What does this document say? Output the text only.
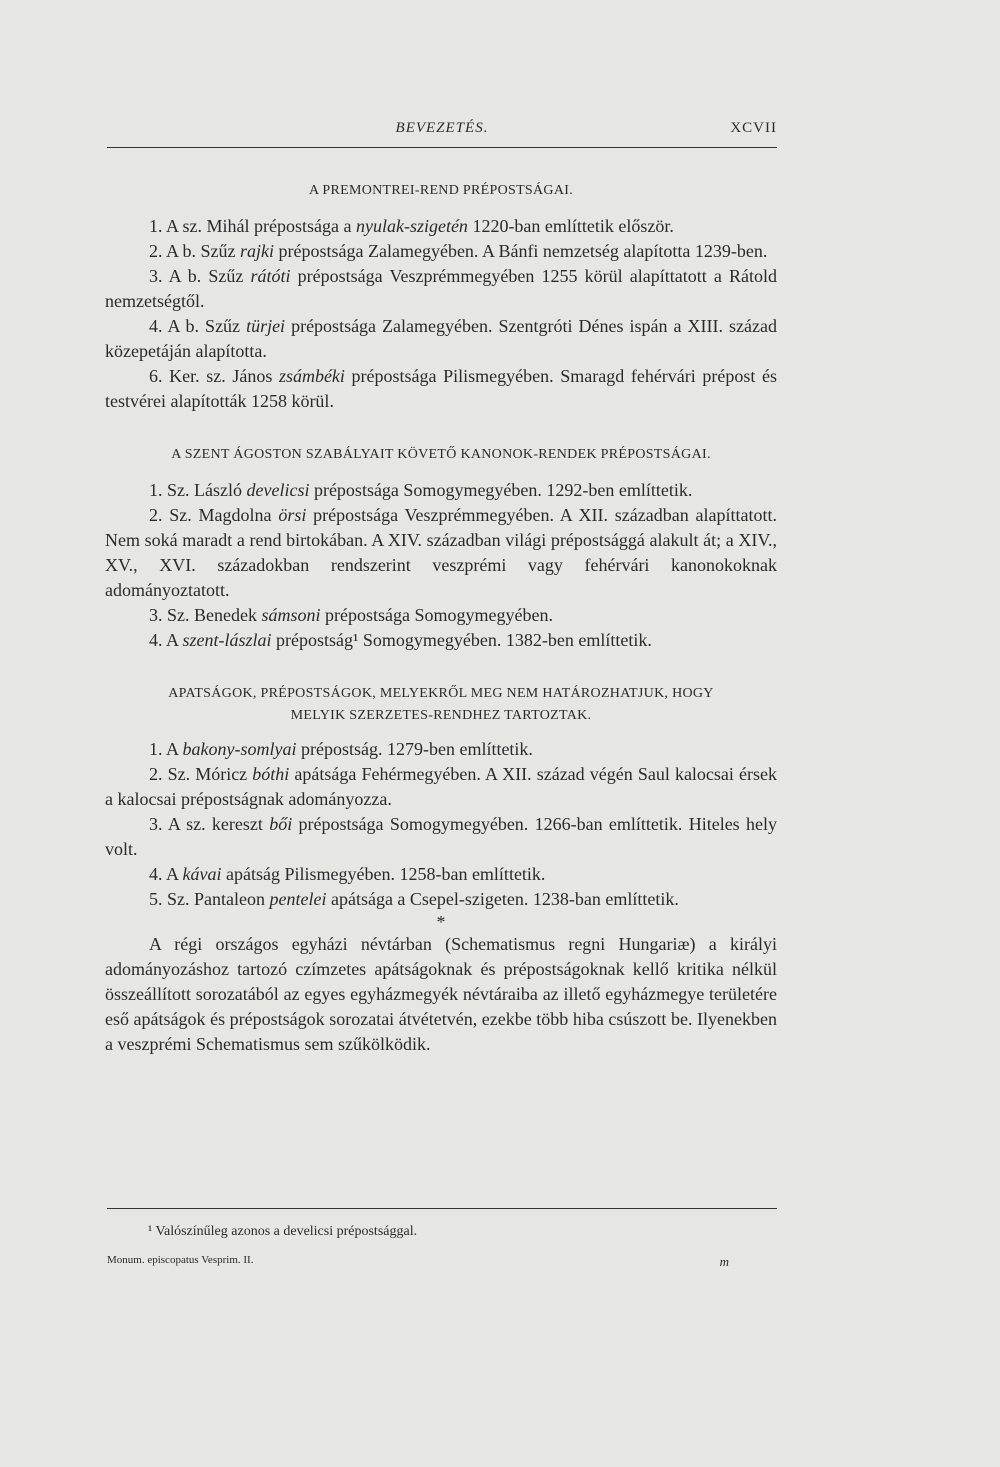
BEVEZETÉS.	XCVII

A PREMONTREI-REND PRÉPOSTSÁGAI.

1. A sz. Mihál prépostsága a nyulak-szigetén 1220-ban említtetik először.

2. A b. Szűz rajki prépostsága Zalamegyében. A Bánfi nemzetség alapította 1239-ben.

3. A b. Szűz rátóti prépostsága Veszprémmegyében 1255 körül alapíttatott a Rátold nemzetségtől.

4. A b. Szűz türjei prépostsága Zalamegyében. Szentgróti Dénes ispán a XIII. század közepetáján alapította.

6. Ker. sz. János zsámbéki prépostsága Pilismegyében. Smaragd fehérvári prépost és testvérei alapították 1258 körül.

A SZENT ÁGOSTON SZABÁLYAIT KÖVETŐ KANONOK-RENDEK PRÉPOSTSÁGAI.

1. Sz. László develicsi prépostsága Somogymegyében. 1292-ben említtetik.

2. Sz. Magdolna örsi prépostsága Veszprémmegyében. A XII. században alapíttatott. Nem soká maradt a rend birtokában. A XIV. században világi prépostsággá alakult át; a XIV., XV., XVI. századokban rendszerint veszprémi vagy fehérvári kanonokoknak adományoztatott.

3. Sz. Benedek sámsoni prépostsága Somogymegyében.

4. A szent-lászlai prépostság¹ Somogymegyében. 1382-ben említtetik.

APATSÁGOK, PRÉPOSTSÁGOK, MELYEKRŐL MEG NEM HATÁROZHATJUK, HOGY

MELYIK SZERZETES-RENDHEZ TARTOZTAK.

1. A bakony-somlyai prépostság. 1279-ben említtetik.

2. Sz. Móricz bóthi apátsága Fehérmegyében. A XII. század végén Saul kalocsai érsek a kalocsai prépostságnak adományozza.

3. A sz. kereszt bői prépostsága Somogymegyében. 1266-ban említtetik. Hiteles hely volt.

4. A kávai apátság Pilismegyében. 1258-ban említtetik.

5. Sz. Pantaleon pentelei apátsága a Csepel-szigeten. 1238-ban említtetik.

*

A régi országos egyházi névtárban (Schematismus regni Hungariæ) a királyi adományozáshoz tartozó czímzetes apátságoknak és prépostságoknak kellő kritika nélkül összeállított sorozatából az egyes egyházmegyék névtáraiba az illető egyházmegye területére eső apátságok és prépostságok sorozatai átvétetvén, ezekbe több hiba csúszott be. Ilyenekben a veszprémi Schematismus sem szűkölködik.

¹ Valószínűleg azonos a develicsi prépostsággal.
Monum. episcopatus Vesprim. II.	m
